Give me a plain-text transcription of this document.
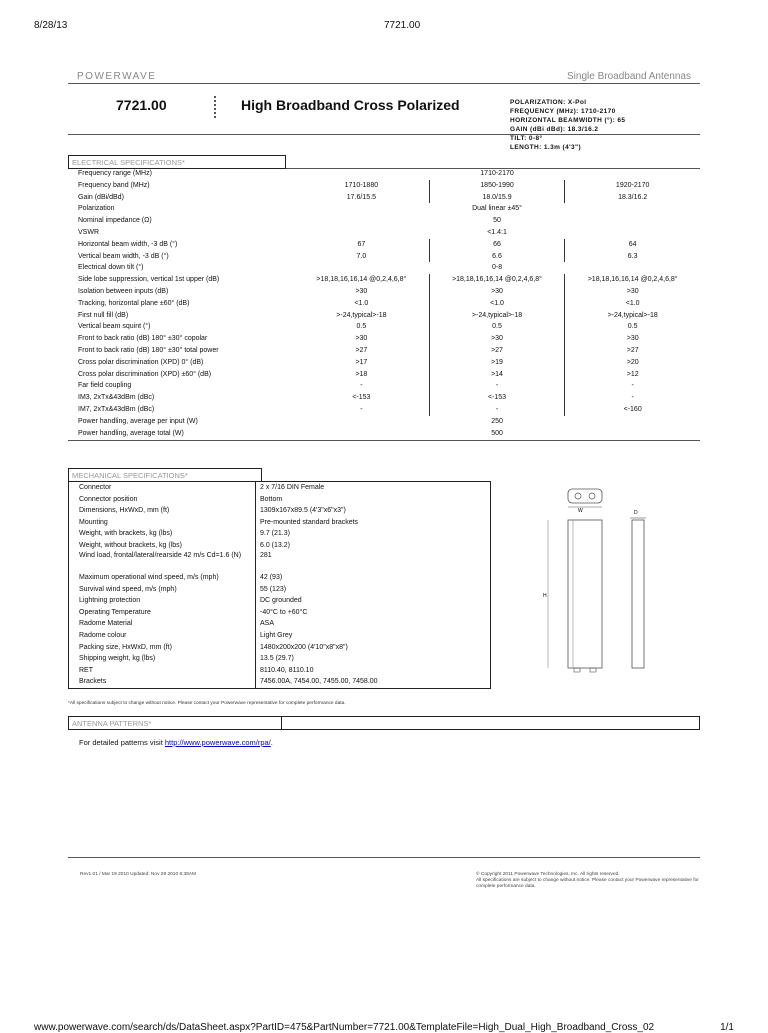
8/28/13	7721.00
www.powerwave.com/search/ds/DataSheet.aspx?PartID=475&PartNumber=7721.00&TemplateFile=High_Dual_High_Broadband_Cross_02	1/1
POWERWAVE	Single Broadband Antennas
7721.00	High Broadband Cross Polarized	POLARIZATION: X-Pol
FREQUENCY (MHz): 1710-2170
HORIZONTAL BEAMWIDTH (°): 65
GAIN (dBi dBd): 18.3/16.2
TILT: 0-8°
LENGTH: 1.3m (4'3")
ELECTRICAL SPECIFICATIONS*
Frequency range (MHz)	1710-2170		
Frequency band (MHz)	1710-1880	1850-1990	1920-2170
Gain (dBi/dBd)	17.6/15.5	18.0/15.9	18.3/16.2
Polarization	Dual linear ±45°		
Nominal impedance (Ω)	50		
VSWR	<1.4:1		
Horizontal beam width, -3 dB (°)	67	66	64
Vertical beam width, -3 dB (°)	7.0	6.6	6.3
Electrical down tilt (°)	0-8		
Side lobe suppression, vertical 1st upper (dB)	>18,18,16,16,14 @0,2,4,6,8°	>18,18,16,16,14 @0,2,4,6,8°	>18,18,16,16,14 @0,2,4,6,8°
Isolation between inputs (dB)	>30	>30	>30
Tracking, horizontal plane ±60° (dB)	<1.0	<1.0	<1.0
First null fill (dB)	>-24,typical>-18	>-24,typical>-18	>-24,typical>-18
Vertical beam squint (°)	0.5	0.5	0.5
Front to back ratio (dB) 180° ±30° copolar	>30	>30	>30
Front to back ratio (dB) 180° ±30° total power	>27	>27	>27
Cross polar discrimination (XPD) 0° (dB)	>17	>19	>20
Cross polar discrimination (XPD) ±60° (dB)	>18	>14	>12
Far field coupling	-	-	-
IM3, 2xTx&43dBm (dBc)	<-153	<-153	-
IM7, 2xTx&43dBm (dBc)	-	-	<-160
Power handling, average per input (W)	250		
Power handling, average total (W)	500		
MECHANICAL SPECIFICATIONS*
Connector	2 x 7/16 DIN Female
Connector position	Bottom
Dimensions, HxWxD, mm (ft)	1309x167x89.5 (4'3"x6"x3")
Mounting	Pre-mounted standard brackets
Weight, with brackets, kg (lbs)	9.7 (21.3)
Weight, without brackets, kg (lbs)	6.0 (13.2)
Wind load, frontal/lateral/rearside 42 m/s Cd=1.6 (N)	281
Maximum operational wind speed, m/s (mph)	42 (93)
Survival wind speed, m/s (mph)	55 (123)
Lightning protection	DC grounded
Operating Temperature	-40°C to +60°C
Radome Material	ASA
Radome colour	Light Grey
Packing size, HxWxD, mm (ft)	1480x200x200 (4'10"x8"x8")
Shipping weight, kg (lbs)	13.5 (29.7)
RET	8110.40, 8110.10
Brackets	7456.00A, 7454.00, 7455.00, 7458.00
W
H
D
*All specifications subject to change without notice. Please contact your Powerwave representative for complete performance data.
ANTENNA PATTERNS*
For detailed patterns visit http://www.powerwave.com/rpa/.
Rev1.01 / Mar 19 2010 Updated: Nov 29 2010 6:38AM	© Copyright 2011 Powerwave Technologies, Inc. All rights reserved.
All specifications are subject to change without notice. Please contact your Powerwave representative for complete performance data.
